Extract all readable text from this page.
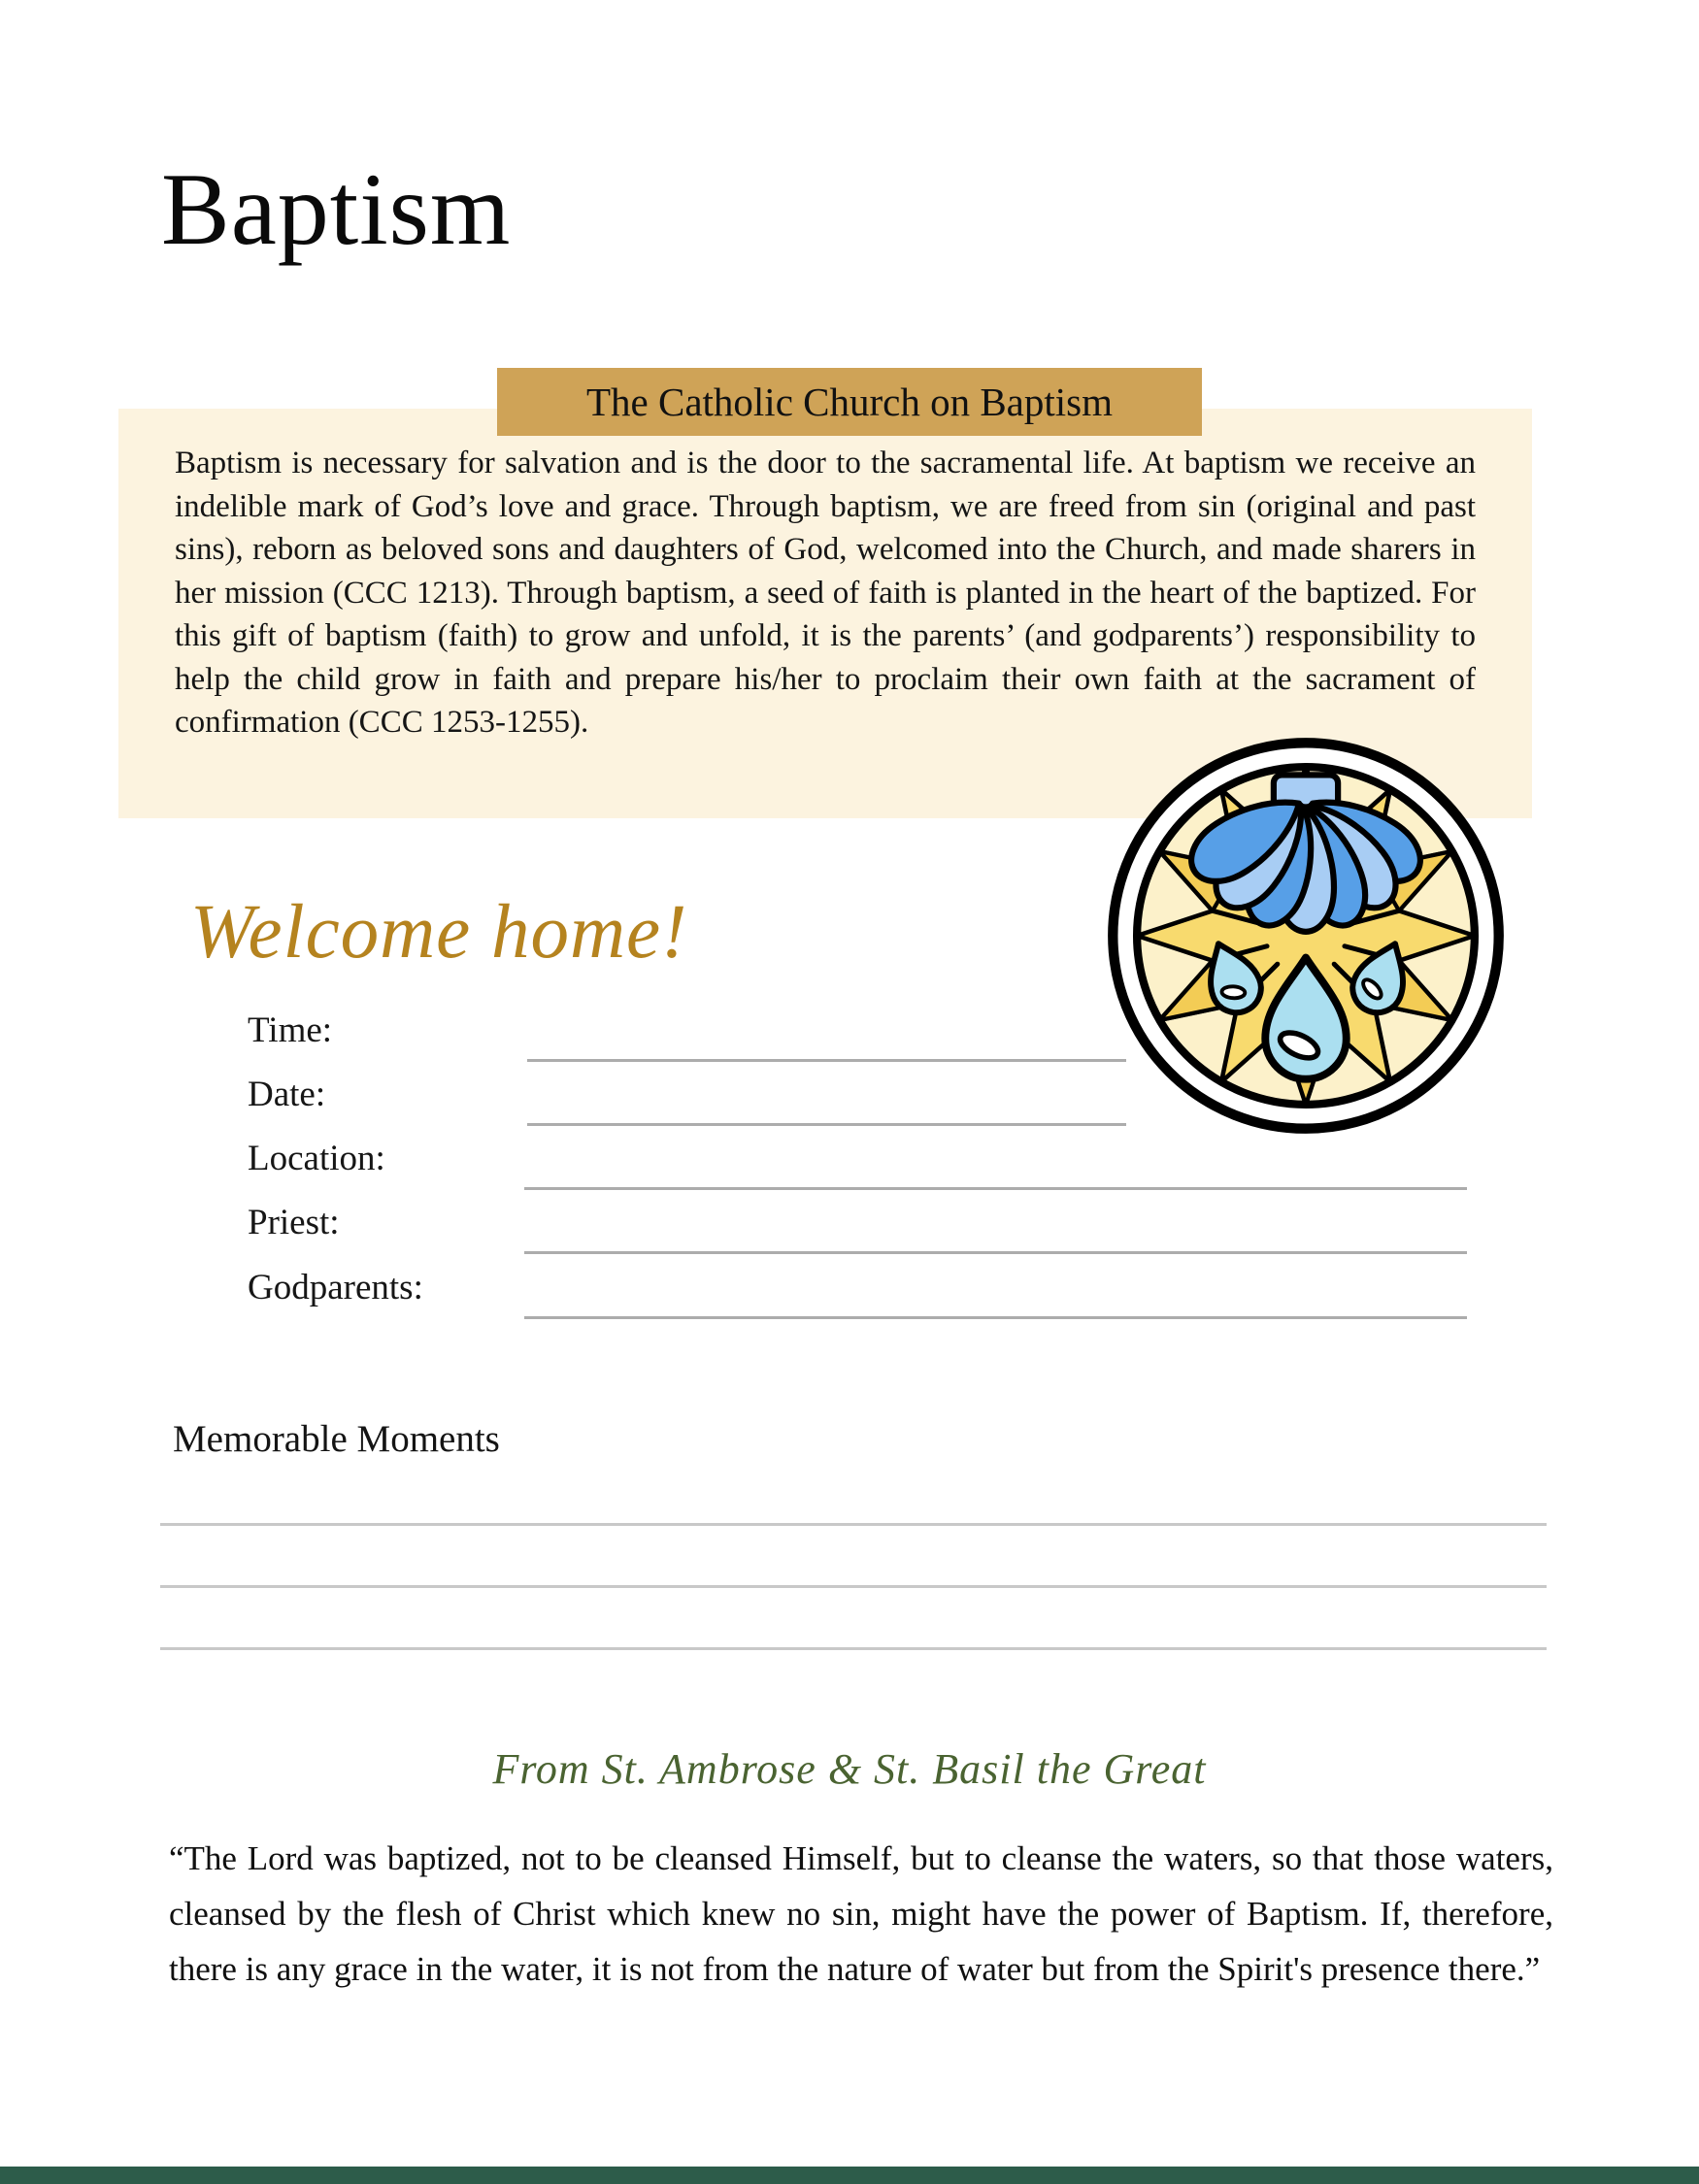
Baptism
The Catholic Church on Baptism
Baptism is necessary for salvation and is the door to the sacramental life. At baptism we receive an indelible mark of God’s love and grace. Through baptism, we are freed from sin (original and past sins), reborn as beloved sons and daughters of God, welcomed into the Church, and made sharers in her mission (CCC 1213). Through baptism, a seed of faith is planted in the heart of the baptized. For this gift of baptism (faith) to grow and unfold, it is the parents’ (and godparents’) responsibility to help the child grow in faith and prepare his/her to proclaim their own faith at the sacrament of confirmation (CCC 1253-1255).
Welcome home!
Time:
Date:
Location:
Priest:
Godparents:
Memorable Moments
From St. Ambrose & St. Basil the Great
“The Lord was baptized, not to be cleansed Himself, but to cleanse the waters, so that those waters, cleansed by the flesh of Christ which knew no sin, might have the power of Baptism. If, therefore, there is any grace in the water, it is not from the nature of water but from the Spirit's presence there.”
